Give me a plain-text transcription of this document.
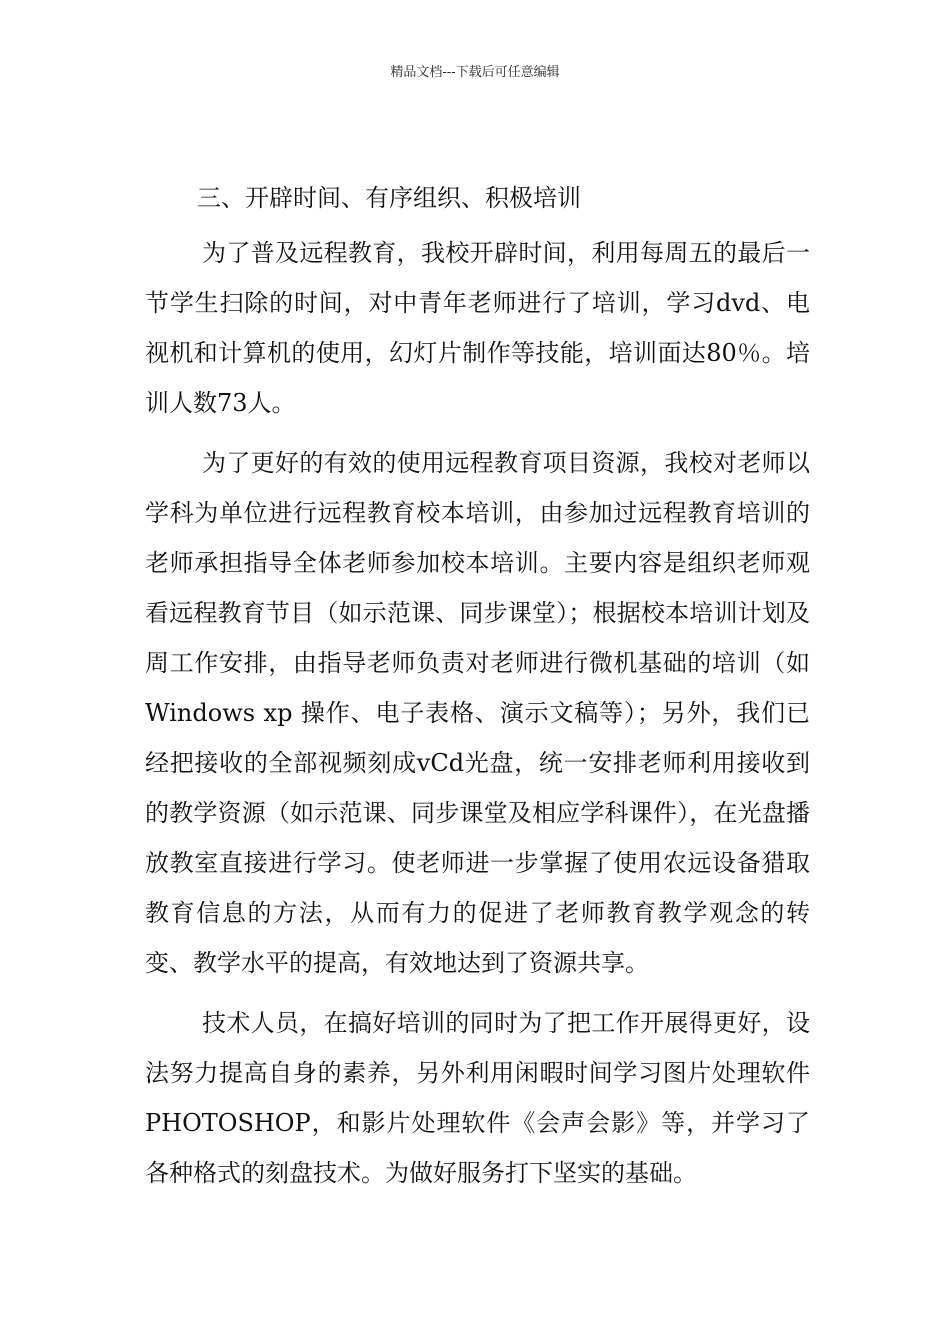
精品文档---下载后可任意编辑
三、开辟时间、有序组织、积极培训

为了普及远程教育，我校开辟时间，利用每周五的最后一节学生扫除的时间，对中青年老师进行了培训，学习dvd、电视机和计算机的使用，幻灯片制作等技能，培训面达80％。培训人数73人。

为了更好的有效的使用远程教育项目资源，我校对老师以学科为单位进行远程教育校本培训，由参加过远程教育培训的老师承担指导全体老师参加校本培训。主要内容是组织老师观看远程教育节目（如示范课、同步课堂）；根据校本培训计划及周工作安排，由指导老师负责对老师进行微机基础的培训（如 Windows xp 操作、电子表格、演示文稿等）；另外，我们已经把接收的全部视频刻成vCd光盘，统一安排老师利用接收到的教学资源（如示范课、同步课堂及相应学科课件），在光盘播放教室直接进行学习。使老师进一步掌握了使用农远设备猎取教育信息的方法，从而有力的促进了老师教育教学观念的转变、教学水平的提高，有效地达到了资源共享。

技术人员，在搞好培训的同时为了把工作开展得更好，设法努力提高自身的素养，另外利用闲暇时间学习图片处理软件PHOTOSHOP，和影片处理软件《会声会影》等，并学习了各种格式的刻盘技术。为做好服务打下坚实的基础。
